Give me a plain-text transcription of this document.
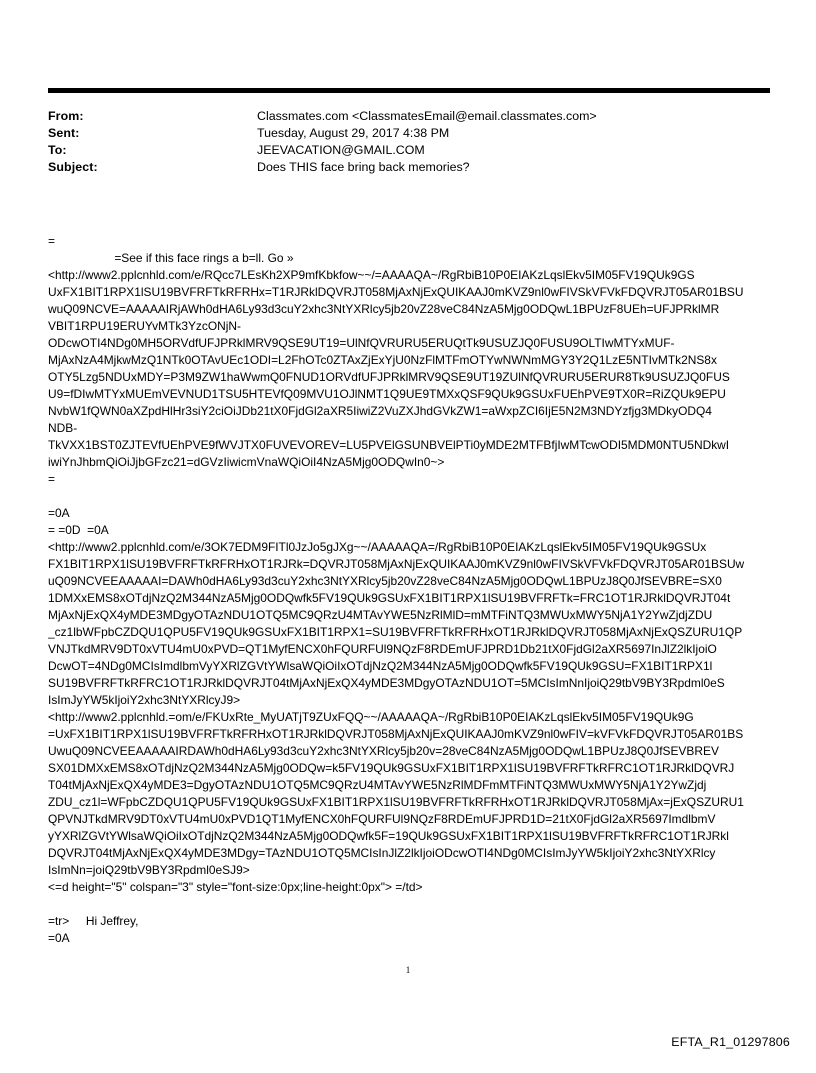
From:	Classmates.com <ClassmatesEmail@email.classmates.com>
Sent:	Tuesday, August 29, 2017 4:38 PM
To:	JEEVACATION@GMAIL.COM
Subject:	Does THIS face bring back memories?
=
=See if this face rings a b=ll. Go »
<http://www2.pplcnhld.com/e/RQcc7LEsKh2XP9mfKbkfow~~/=AAAAQA~/RgRbiB10P0EIAKzLqslEkv5IM05FV19QUk9GS
UxFX1BIT1RPX1lSU19BVFRFTkRFRHx=T1RJRklDQVRJT058MjAxNjExQUIKAAJ0mKVZ9nl0wFIVSkVFVkFDQVRJT05AR01BSU
wuQ09NCVE=AAAAAIRjAWh0dHA6Ly93d3cuY2xhc3NtYXRlcy5jb20vZ28veC84NzA5Mjg0ODQwL1BPUzF8UEh=UFJPRklMR
VBIT1RPU19ERUYvMTk3YzcONjN-
ODcwOTI4NDg0MH5ORVdfUFJPRklMRV9QSE9UT19=UlNfQVRURU5ERUQtTk9USUZJQ0FUSU9OLTIwMTYxMUF-
MjAxNzA4MjkwMzQ1NTk0OTAvUEc1ODI=L2FhOTc0ZTAxZjExYjU0NzFlMTFmOTYwNWNmMGY3Y2Q1LzE5NTIvMTk2NS8x
OTY5Lzg5NDUxMDY=P3M9ZW1haWwmQ0FNUD1ORVdfUFJPRklMRV9QSE9UT19ZUlNfQVRURU5ERUR8Tk9USUZJQ0FUS
U9=fDIwMTYxMUEmVEVNUD1TSU5HTEVfQ09MVU1OJlNMT1Q9UE9TMXxQSF9QUk9GSUxFUEhPVE9TX0R=RiZQUk9EPU
NvbW1fQWN0aXZpdHlHr3siY2ciOiJDb21tX0FjdGl2aXR5IiwiZ2VuZXJhdGVkZW1=aWxpZCI6IjE5N2M3NDYzfjg3MDkyODQ4
NDB-
TkVXX1BST0ZJTEVfUEhPVE9fWVJTX0FUVEVOREV=LU5PVElGSUNBVElPTi0yMDE2MTFBfjIwMTcwODI5MDM0NTU5NDkwI
iwiYnJhbmQiOiJjbGFzc21=dGVzIiwicmVnaWQiOiI4NzA5Mjg0ODQwIn0~>
=
=0A
= =0D  =0A
<http://www2.pplcnhld.com/e/3OK7EDM9FITl0JzJo5gJXg~~/AAAAAQA=/RgRbiB10P0EIAKzLqslEkv5IM05FV19QUk9GSUx
FX1BIT1RPX1lSU19BVFRFTkRFRHxOT1RJRk=DQVRJT058MjAxNjExQUIKAAJ0mKVZ9nl0wFIVSkVFVkFDQVRJT05AR01BSUw
uQ09NCVEEAAAAAI=DAWh0dHA6Ly93d3cuY2xhc3NtYXRlcy5jb20vZ28veC84NzA5Mjg0ODQwL1BPUzJ8Q0JfSEVBRE=SX0
1DMXxEMS8xOTdjNzQ2M344NzA5Mjg0ODQwfk5FV19QUk9GSUxFX1BIT1RPX1lSU19BVFRFTk=FRC1OT1RJRklDQVRJT04t
MjAxNjExQX4yMDE3MDgyOTAzNDU1OTQ5MC9QRzU4MTAvYWE5NzRlMlD=mMTFiNTQ3MWUxMWY5NjA1Y2YwZjdjZDU
_cz1lbWFpbCZDQU1QPU5FV19QUk9GSUxFX1BIT1RPX1=SU19BVFRFTkRFRHxOT1RJRklDQVRJT058MjAxNjExQSZURU1QP
VNJTkdMRV9DT0xVTU4mU0xPVD=QT1MyfENCX0hFQURFUl9NQzF8RDEmUFJPRD1Db21tX0FjdGl2aXR5697InJlZ2lkIjoiO
DcwOT=4NDg0MCIsImdlbmVyYXRlZGVtYWlsaWQiOiIxOTdjNzQ2M344NzA5Mjg0ODQwfk5FV19QUk9GSU=FX1BIT1RPX1l
SU19BVFRFTkRFRC1OT1RJRklDQVRJT04tMjAxNjExQX4yMDE3MDgyOTAzNDU1OT=5MCIsImNnIjoiQ29tbV9BY3Rpdml0eS
IsImJyYW5kIjoiY2xhc3NtYXRlcyJ9>
<http://www2.pplcnhld.=om/e/FKUxRte_MyUATjT9ZUxFQQ~~/AAAAAQA~/RgRbiB10P0EIAKzLqslEkv5IM05FV19QUk9G
=UxFX1BIT1RPX1lSU19BVFRFTkRFRHxOT1RJRklDQVRJT058MjAxNjExQUIKAAJ0mKVZ9nl0wFIV=kVFVkFDQVRJT05AR01BS
UwuQ09NCVEEAAAAAIRDAWh0dHA6Ly93d3cuY2xhc3NtYXRlcy5jb20v=28veC84NzA5Mjg0ODQwL1BPUzJ8Q0JfSEVBREV
SX01DMXxEMS8xOTdjNzQ2M344NzA5Mjg0ODQw=k5FV19QUk9GSUxFX1BIT1RPX1lSU19BVFRFTkRFRC1OT1RJRklDQVRJ
T04tMjAxNjExQX4yMDE3=DgyOTAzNDU1OTQ5MC9QRzU4MTAvYWE5NzRlMDFmMTFiNTQ3MWUxMWY5NjA1Y2YwZjdj
ZDU_cz1l=WFpbCZDQU1QPU5FV19QUk9GSUxFX1BIT1RPX1lSU19BVFRFTkRFRHxOT1RJRklDQVRJT058MjAx=jExQSZURU1
QPVNJTkdMRV9DT0xVTU4mU0xPVD1QT1MyfENCX0hFQURFUl9NQzF8RDEmUFJPRD1D=21tX0FjdGl2aXR5697ImdlbmV
yYXRlZGVtYWlsaWQiOiIxOTdjNzQ2M344NzA5Mjg0ODQwfk5F=19QUk9GSUxFX1BIT1RPX1lSU19BVFRFTkRFRC1OT1RJRkl
DQVRJT04tMjAxNjExQX4yMDE3MDgy=TAzNDU1OTQ5MCIsInJlZ2lkIjoiODcwOTI4NDg0MCIsImJyYW5kIjoiY2xhc3NtYXRlcy
IsImNn=joiQ29tbV9BY3Rpdml0eSJ9>
<=d height="5" colspan="3" style="font-size:0px;line-height:0px"> =/td>
=tr>     Hi Jeffrey,
=0A
1
EFTA_R1_01297806
